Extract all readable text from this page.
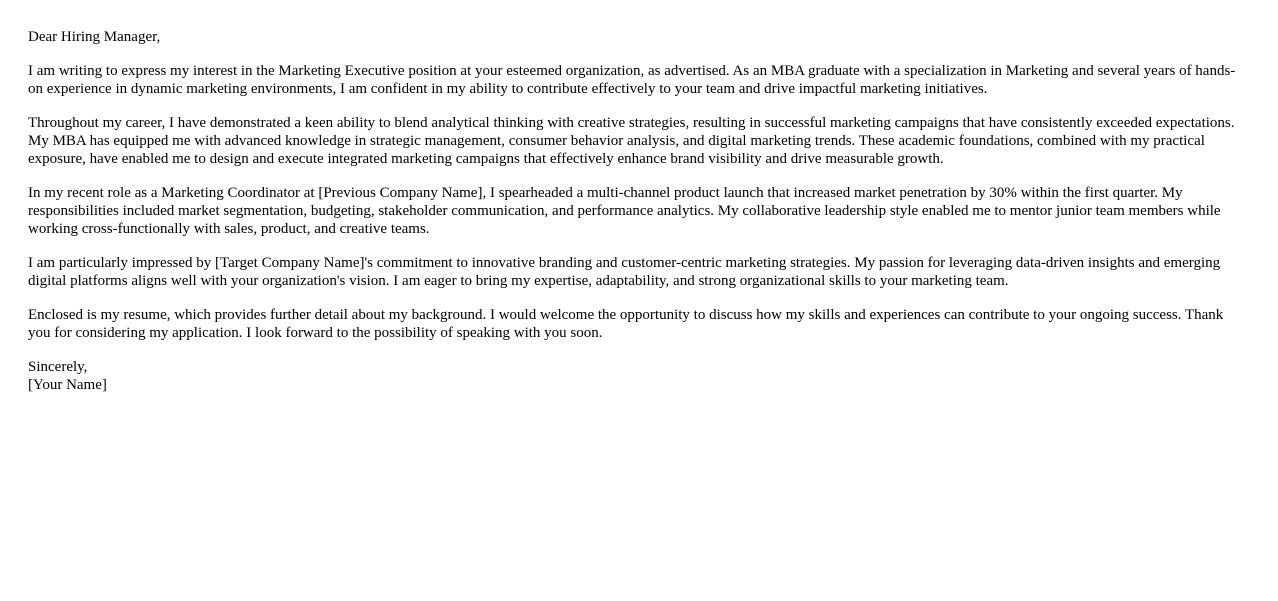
Dear Hiring Manager,

I am writing to express my interest in the Marketing Executive position at your esteemed organization, as advertised. As an MBA graduate with a specialization in Marketing and several years of hands-on experience in dynamic marketing environments, I am confident in my ability to contribute effectively to your team and drive impactful marketing initiatives.

Throughout my career, I have demonstrated a keen ability to blend analytical thinking with creative strategies, resulting in successful marketing campaigns that have consistently exceeded expectations. My MBA has equipped me with advanced knowledge in strategic management, consumer behavior analysis, and digital marketing trends. These academic foundations, combined with my practical exposure, have enabled me to design and execute integrated marketing campaigns that effectively enhance brand visibility and drive measurable growth.

In my recent role as a Marketing Coordinator at [Previous Company Name], I spearheaded a multi-channel product launch that increased market penetration by 30% within the first quarter. My responsibilities included market segmentation, budgeting, stakeholder communication, and performance analytics. My collaborative leadership style enabled me to mentor junior team members while working cross-functionally with sales, product, and creative teams.

I am particularly impressed by [Target Company Name]'s commitment to innovative branding and customer-centric marketing strategies. My passion for leveraging data-driven insights and emerging digital platforms aligns well with your organization's vision. I am eager to bring my expertise, adaptability, and strong organizational skills to your marketing team.

Enclosed is my resume, which provides further detail about my background. I would welcome the opportunity to discuss how my skills and experiences can contribute to your ongoing success. Thank you for considering my application. I look forward to the possibility of speaking with you soon.

Sincerely,
[Your Name]
